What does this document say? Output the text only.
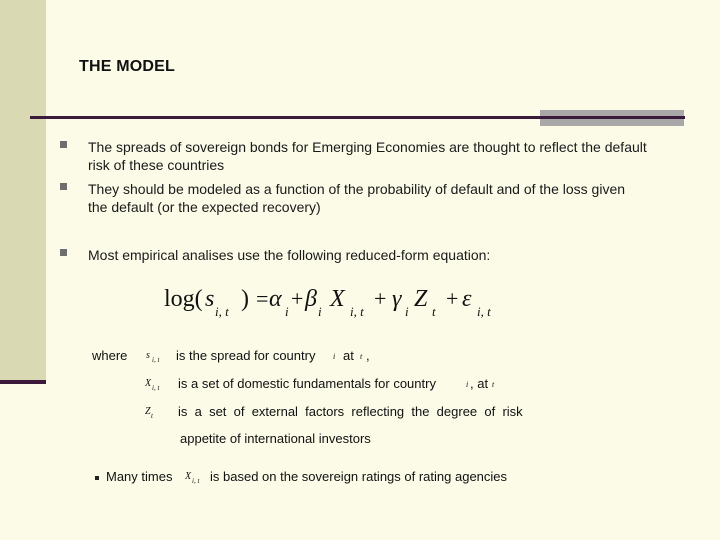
THE MODEL
The spreads of sovereign bonds for Emerging Economies are thought to reflect the default risk of these countries
They should be modeled as a function of the probability of default and of the loss given the default (or the expected recovery)
Most empirical analises use the following reduced-form equation:
log( s i, t ) = α i
+ β i X i, t
+ γ i Z t
+ ε i, t
where s i, t is the spread for country i at t ,
X i, t is a set of domestic fundamentals for country	i , at t
Z t is  a  set  of  external  factors  reflecting  the  degree  of  risk
appetite of international investors
Many times X i, t is based on the sovereign ratings of rating agencies
